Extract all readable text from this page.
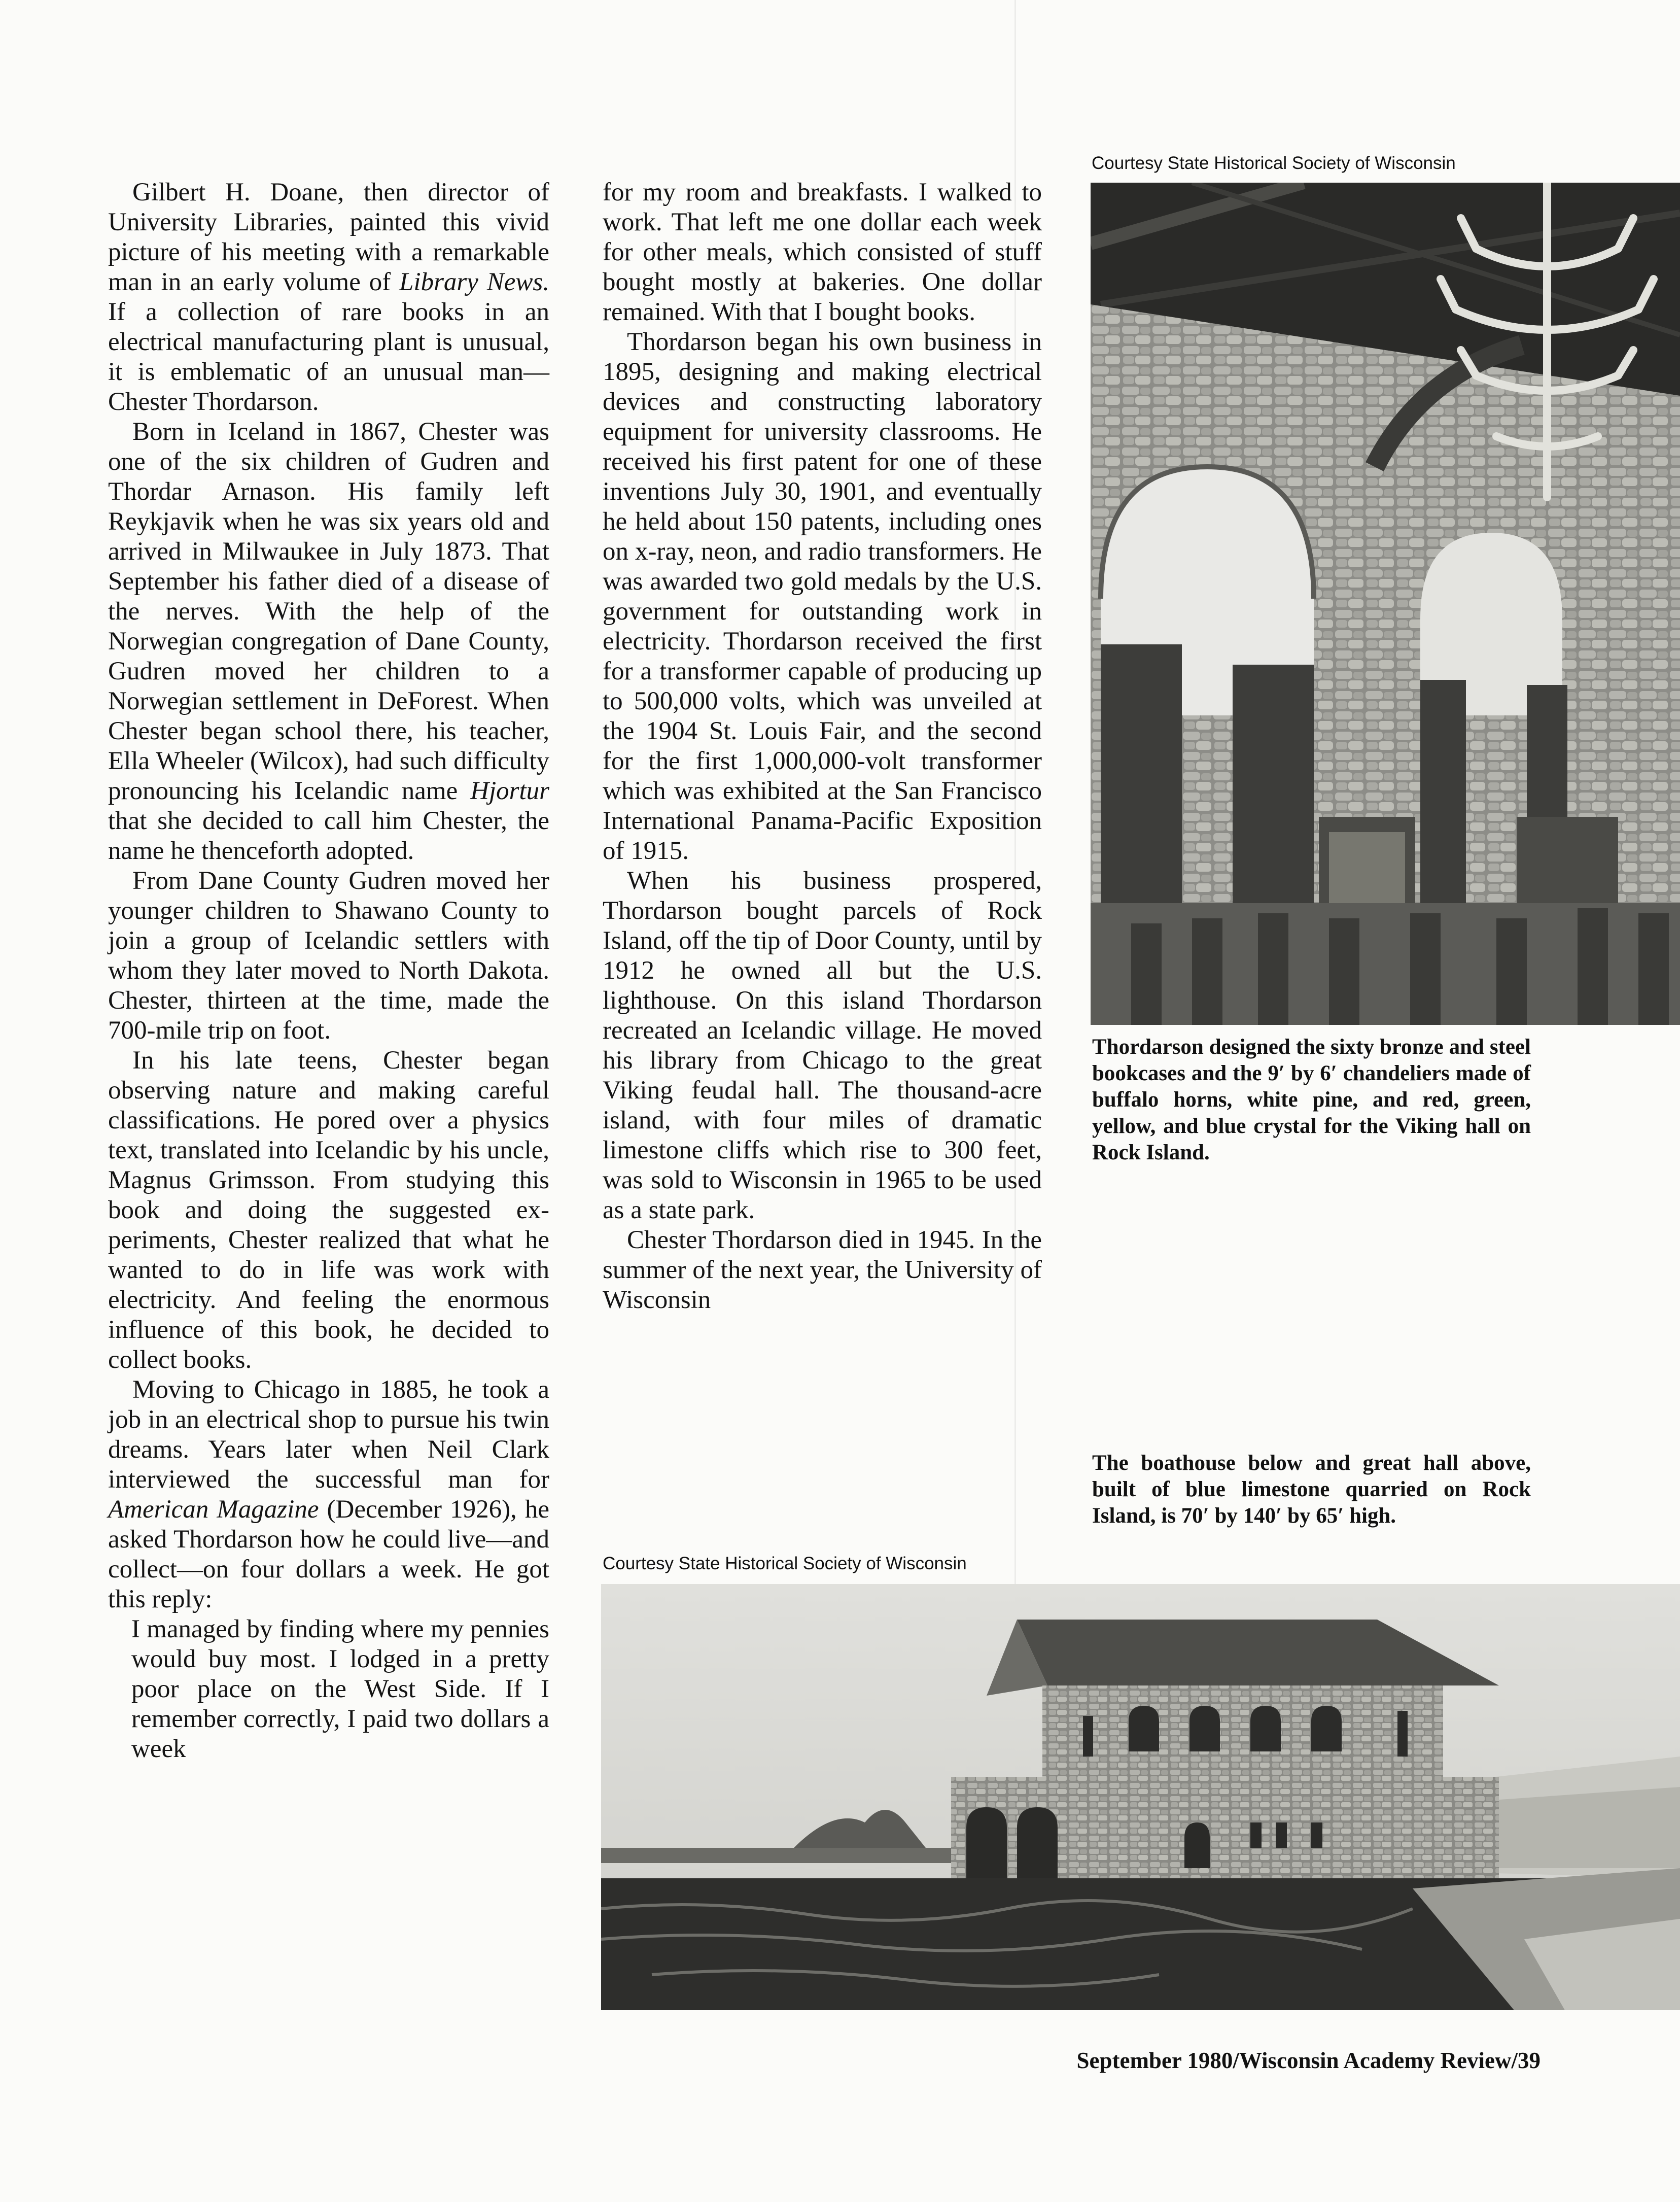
Gilbert H. Doane, then director of University Libraries, painted this vivid picture of his meeting with a remarkable man in an early volume of Library News. If a collection of rare books in an electrical manufacturing plant is unusual, it is emblematic of an unusual man—Chester Thordarson.

Born in Iceland in 1867, Chester was one of the six children of Gudren and Thordar Arnason. His family left Reykjavik when he was six years old and arrived in Milwaukee in July 1873. That September his father died of a disease of the nerves. With the help of the Norwegian congregation of Dane County, Gudren moved her children to a Norwegian settlement in DeForest. When Chester began school there, his teacher, Ella Wheeler (Wilcox), had such difficulty pronouncing his Icelandic name Hjortur that she decided to call him Chester, the name he thenceforth adopted.

From Dane County Gudren moved her younger children to Shawano County to join a group of Icelandic settlers with whom they later moved to North Dakota. Chester, thirteen at the time, made the 700-mile trip on foot.

In his late teens, Chester began observing nature and making careful classifications. He pored over a physics text, translated into Icelandic by his uncle, Magnus Grimsson. From studying this book and doing the suggested experiments, Chester realized that what he wanted to do in life was work with electricity. And feeling the enormous influence of this book, he decided to collect books.

Moving to Chicago in 1885, he took a job in an electrical shop to pursue his twin dreams. Years later when Neil Clark interviewed the successful man for American Magazine (December 1926), he asked Thordarson how he could live—and collect—on four dollars a week. He got this reply:

I managed by finding where my pennies would buy most. I lodged in a pretty poor place on the West Side. If I remember correctly, I paid two dollars a week

for my room and breakfasts. I walked to work. That left me one dollar each week for other meals, which consisted of stuff bought mostly at bakeries. One dollar remained. With that I bought books.

Thordarson began his own business in 1895, designing and making electrical devices and constructing laboratory equipment for university classrooms. He received his first patent for one of these inventions July 30, 1901, and eventually he held about 150 patents, including ones on x-ray, neon, and radio transformers. He was awarded two gold medals by the U.S. government for outstanding work in electricity. Thordarson received the first for a transformer capable of producing up to 500,000 volts, which was unveiled at the 1904 St. Louis Fair, and the second for the first 1,000,000-volt transformer which was exhibited at the San Francisco International Panama-Pacific Exposition of 1915.

When his business prospered, Thordarson bought parcels of Rock Island, off the tip of Door County, until by 1912 he owned all but the U.S. lighthouse. On this island Thordarson recreated an Icelandic village. He moved his library from Chicago to the great Viking feudal hall. The thousand-acre island, with four miles of dramatic limestone cliffs which rise to 300 feet, was sold to Wisconsin in 1965 to be used as a state park.

Chester Thordarson died in 1945. In the summer of the next year, the University of Wisconsin

Courtesy State Historical Society of Wisconsin
Thordarson designed the sixty bronze and steel bookcases and the 9′ by 6′ chandeliers made of buffalo horns, white pine, and red, green, yellow, and blue crystal for the Viking hall on Rock Island.
The boathouse below and great hall above, built of blue limestone quarried on Rock Island, is 70′ by 140′ by 65′ high.
Courtesy State Historical Society of Wisconsin
September 1980/Wisconsin Academy Review/39
